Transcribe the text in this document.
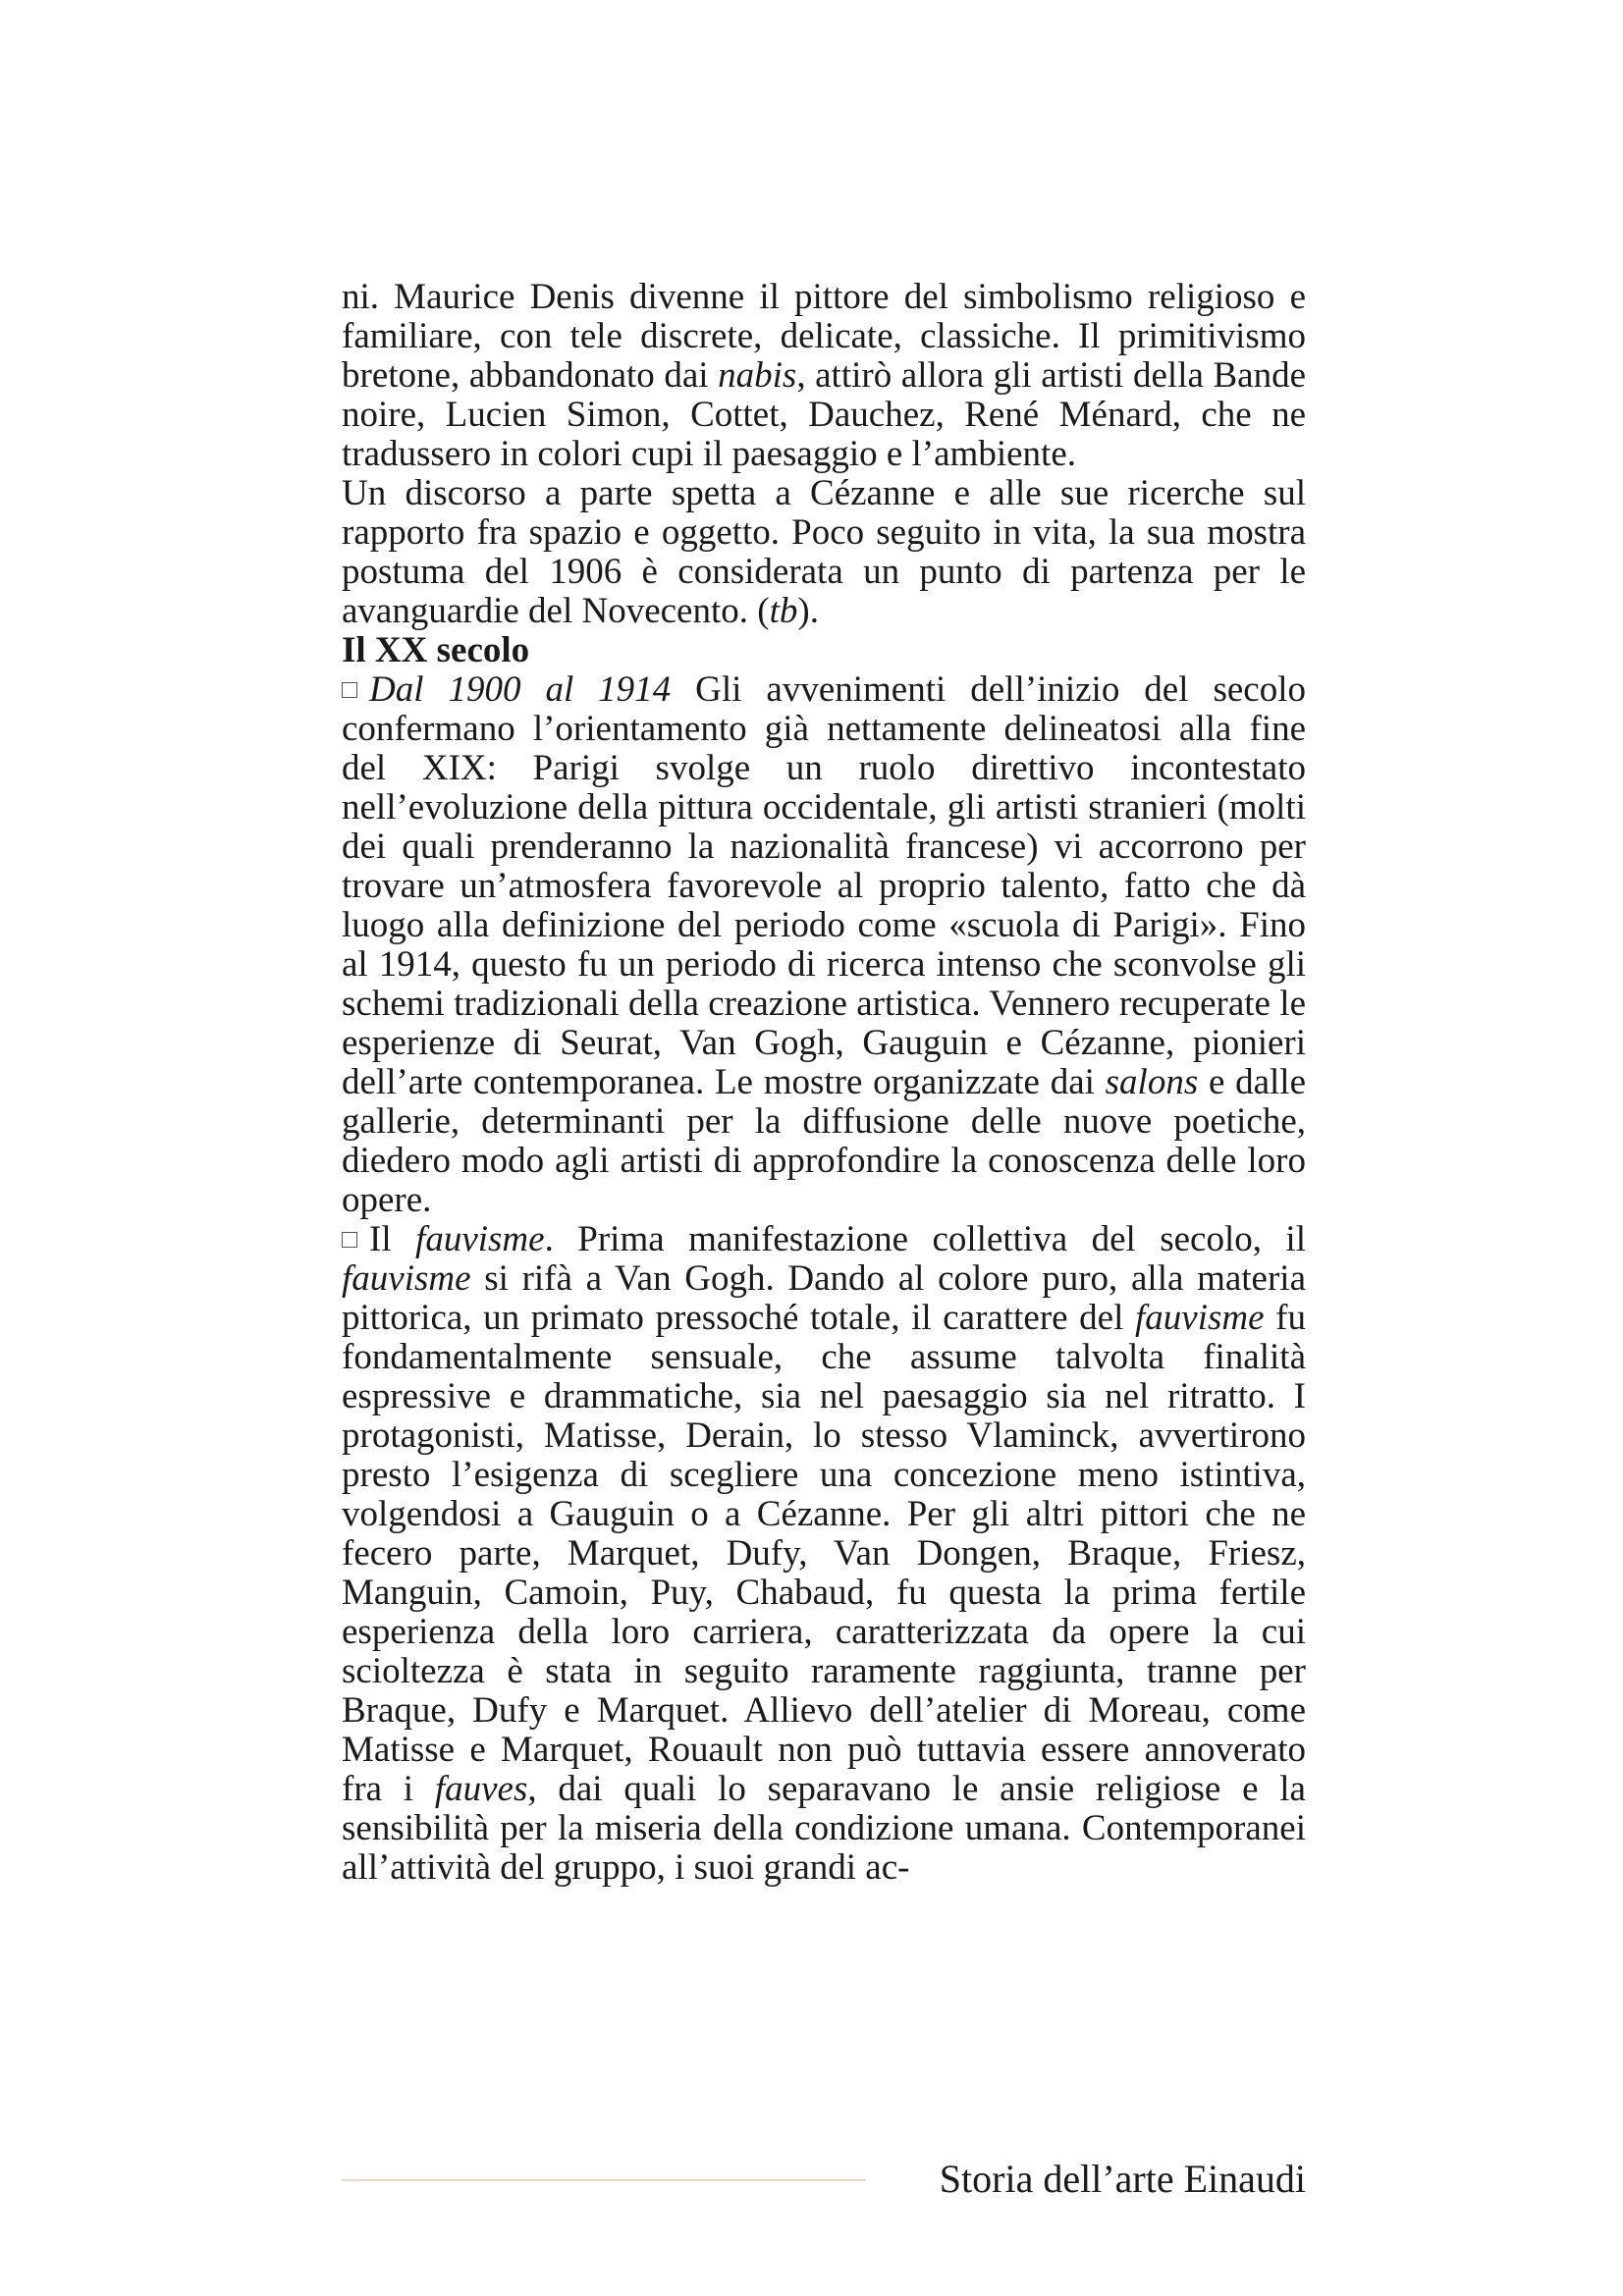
ni. Maurice Denis divenne il pittore del simbolismo religioso e familiare, con tele discrete, delicate, classiche. Il primitivismo bretone, abbandonato dai nabis, attirò allora gli artisti della Bande noire, Lucien Simon, Cottet, Dauchez, René Ménard, che ne tradussero in colori cupi il paesaggio e l’ambiente.

Un discorso a parte spetta a Cézanne e alle sue ricerche sul rapporto fra spazio e oggetto. Poco seguito in vita, la sua mostra postuma del 1906 è considerata un punto di partenza per le avanguardie del Novecento. (tb).

Il XX secolo

Dal 1900 al 1914 Gli avvenimenti dell’inizio del secolo confermano l’orientamento già nettamente delineatosi alla fine del XIX: Parigi svolge un ruolo direttivo incontestato nell’evoluzione della pittura occidentale, gli artisti stranieri (molti dei quali prenderanno la nazionalità francese) vi accorrono per trovare un’atmosfera favorevole al proprio talento, fatto che dà luogo alla definizione del periodo come «scuola di Parigi». Fino al 1914, questo fu un periodo di ricerca intenso che sconvolse gli schemi tradizionali della creazione artistica. Vennero recuperate le esperienze di Seurat, Van Gogh, Gauguin e Cézanne, pionieri dell’arte contemporanea. Le mostre organizzate dai salons e dalle gallerie, determinanti per la diffusione delle nuove poetiche, diedero modo agli artisti di approfondire la conoscenza delle loro opere.

Il fauvisme. Prima manifestazione collettiva del secolo, il fauvisme si rifà a Van Gogh. Dando al colore puro, alla materia pittorica, un primato pressoché totale, il carattere del fauvisme fu fondamentalmente sensuale, che assume talvolta finalità espressive e drammatiche, sia nel paesaggio sia nel ritratto. I protagonisti, Matisse, Derain, lo stesso Vlaminck, avvertirono presto l’esigenza di scegliere una concezione meno istintiva, volgendosi a Gauguin o a Cézanne. Per gli altri pittori che ne fecero parte, Marquet, Dufy, Van Dongen, Braque, Friesz, Manguin, Camoin, Puy, Chabaud, fu questa la prima fertile esperienza della loro carriera, caratterizzata da opere la cui scioltezza è stata in seguito raramente raggiunta, tranne per Braque, Dufy e Marquet. Allievo dell’atelier di Moreau, come Matisse e Marquet, Rouault non può tuttavia essere annoverato fra i fauves, dai quali lo separavano le ansie religiose e la sensibilità per la miseria della condizione umana. Contemporanei all’attività del gruppo, i suoi grandi ac-

Storia dell’arte Einaudi
